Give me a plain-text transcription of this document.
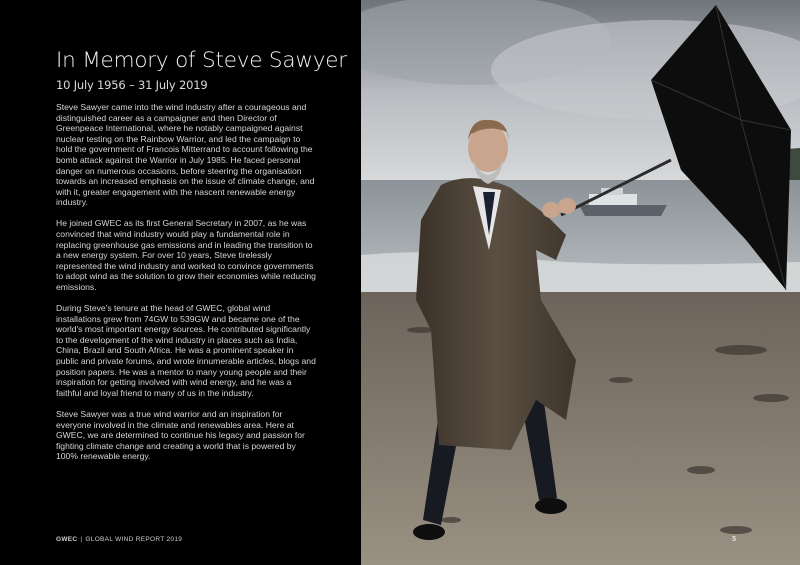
In Memory of Steve Sawyer
10 July 1956 – 31 July 2019

Steve Sawyer came into the wind industry after a courageous and distinguished career as a campaigner and then Director of Greenpeace International, where he notably campaigned against nuclear testing on the Rainbow Warrior, and led the campaign to hold the government of Francois Mitterrand to account following the bomb attack against the Warrior in July 1985. He faced personal danger on numerous occasions, before steering the organisation towards an increased emphasis on the issue of climate change, and with it, greater engagement with the nascent renewable energy industry.

He joined GWEC as its first General Secretary in 2007, as he was convinced that wind industry would play a fundamental role in replacing greenhouse gas emissions and in leading the transition to a new energy system. For over 10 years, Steve tirelessly represented the wind industry and worked to convince governments to adopt wind as the solution to grow their economies while reducing emissions.

During Steve's tenure at the head of GWEC, global wind installations grew from 74GW to 539GW and became one of the world's most important energy sources. He contributed significantly to the development of the wind industry in places such as India, China, Brazil and South Africa. He was a prominent speaker in public and private forums, and wrote innumerable articles, blogs and position papers. He was a mentor to many young people and their inspiration for getting involved with wind energy, and he was a faithful and loyal friend to many of us in the industry.

Steve Sawyer was a true wind warrior and an inspiration for everyone involved in the climate and renewables area. Here at GWEC, we are determined to continue his legacy and passion for fighting climate change and creating a world that is powered by 100% renewable energy.

GWEC | GLOBAL WIND REPORT 2019	5
